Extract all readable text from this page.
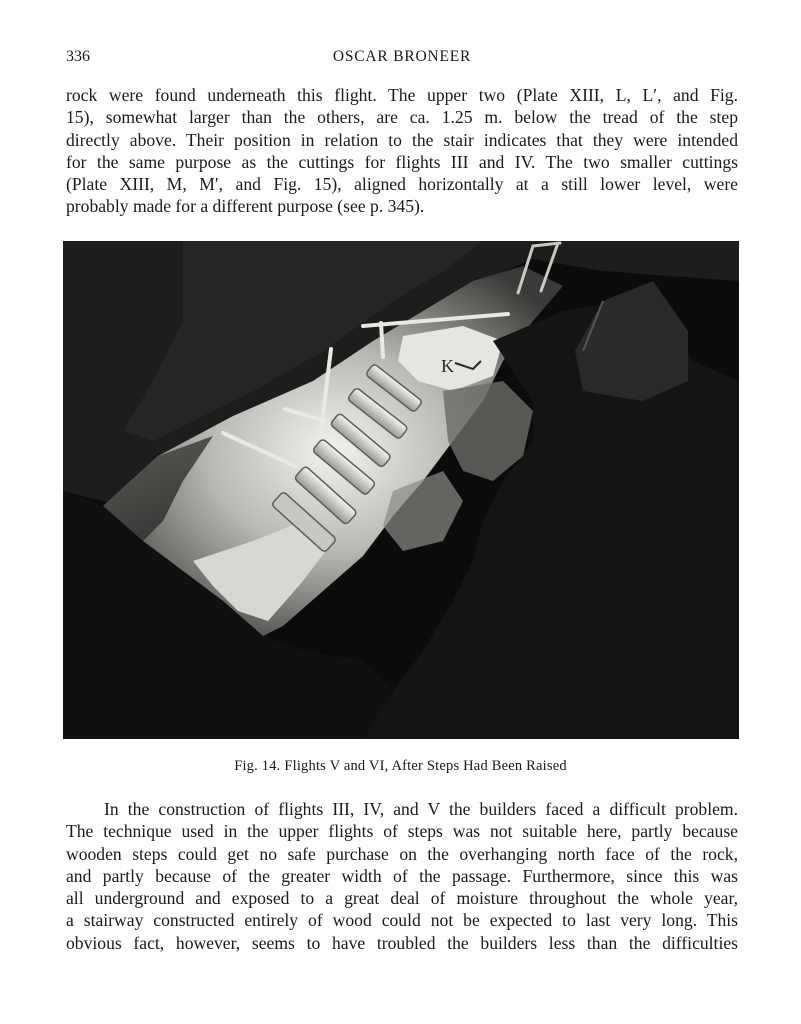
336	OSCAR BRONEER
rock were found underneath this flight. The upper two (Plate XIII, L, L′, and Fig.
15), somewhat larger than the others, are ca. 1.25 m. below the tread of the step
directly above. Their position in relation to the stair indicates that they were intended
for the same purpose as the cuttings for flights III and IV. The two smaller cuttings
(Plate XIII, M, M′, and Fig. 15), aligned horizontally at a still lower level, were
probably made for a different purpose (see p. 345).
K
Fig. 14. Flights V and VI, After Steps Had Been Raised
In the construction of flights III, IV, and V the builders faced a difficult problem.
The technique used in the upper flights of steps was not suitable here, partly because
wooden steps could get no safe purchase on the overhanging north face of the rock,
and partly because of the greater width of the passage. Furthermore, since this was
all underground and exposed to a great deal of moisture throughout the whole year,
a stairway constructed entirely of wood could not be expected to last very long. This
obvious fact, however, seems to have troubled the builders less than the difficulties
